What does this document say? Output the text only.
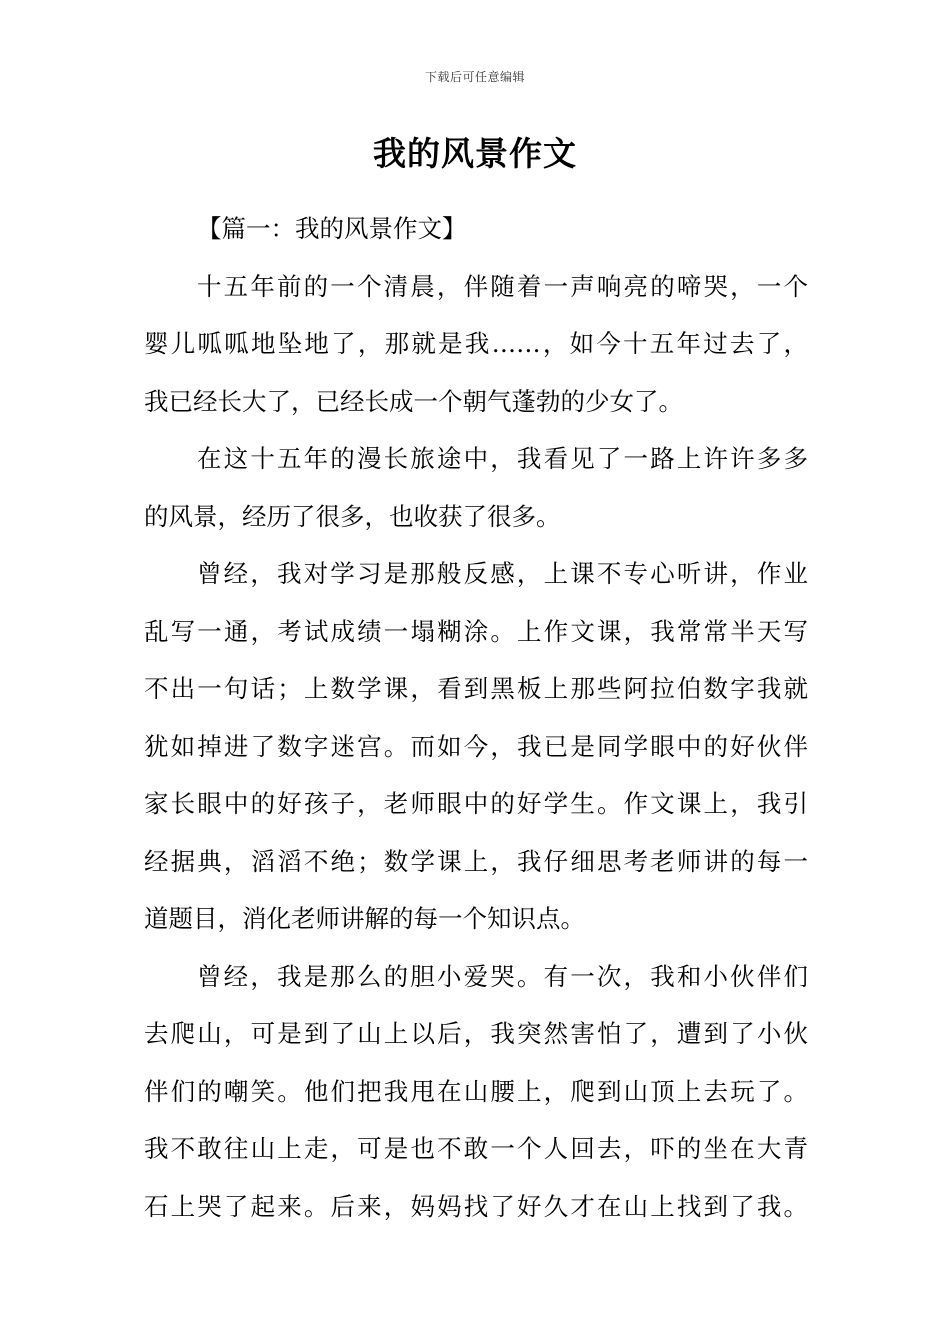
下载后可任意编辑
我的风景作文
【篇一：我的风景作文】
十五年前的一个清晨，伴随着一声响亮的啼哭，一个
婴儿呱呱地坠地了，那就是我……，如今十五年过去了，
我已经长大了，已经长成一个朝气蓬勃的少女了。
在这十五年的漫长旅途中，我看见了一路上许许多多
的风景，经历了很多，也收获了很多。
曾经，我对学习是那般反感，上课不专心听讲，作业
乱写一通，考试成绩一塌糊涂。上作文课，我常常半天写
不出一句话；上数学课，看到黑板上那些阿拉伯数字我就
犹如掉进了数字迷宫。而如今，我已是同学眼中的好伙伴
家长眼中的好孩子，老师眼中的好学生。作文课上，我引
经据典，滔滔不绝；数学课上，我仔细思考老师讲的每一
道题目，消化老师讲解的每一个知识点。
曾经，我是那么的胆小爱哭。有一次，我和小伙伴们
去爬山，可是到了山上以后，我突然害怕了，遭到了小伙
伴们的嘲笑。他们把我甩在山腰上，爬到山顶上去玩了。
我不敢往山上走，可是也不敢一个人回去，吓的坐在大青
石上哭了起来。后来，妈妈找了好久才在山上找到了我。
